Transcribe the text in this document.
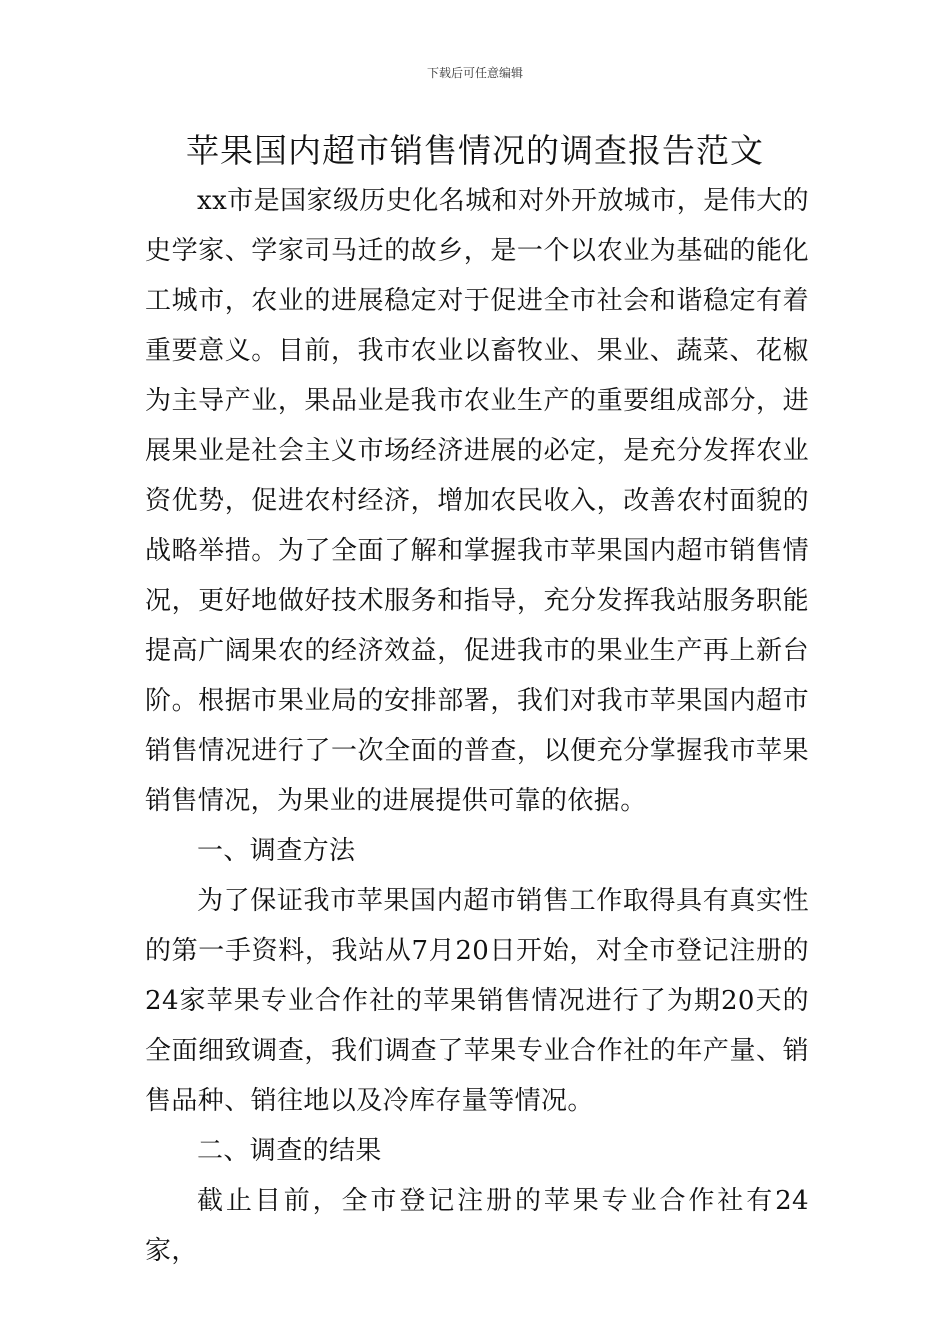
下载后可任意编辑
苹果国内超市销售情况的调查报告范文

xx市是国家级历史化名城和对外开放城市，是伟大的史学家、学家司马迁的故乡，是一个以农业为基础的能化工城市，农业的进展稳定对于促进全市社会和谐稳定有着重要意义。目前，我市农业以畜牧业、果业、蔬菜、花椒为主导产业，果品业是我市农业生产的重要组成部分，进展果业是社会主义市场经济进展的必定，是充分发挥农业资优势，促进农村经济，增加农民收入，改善农村面貌的战略举措。为了全面了解和掌握我市苹果国内超市销售情况，更好地做好技术服务和指导，充分发挥我站服务职能提高广阔果农的经济效益，促进我市的果业生产再上新台阶。根据市果业局的安排部署，我们对我市苹果国内超市销售情况进行了一次全面的普查，以便充分掌握我市苹果销售情况，为果业的进展提供可靠的依据。

一、调查方法

为了保证我市苹果国内超市销售工作取得具有真实性的第一手资料，我站从7月20日开始，对全市登记注册的24家苹果专业合作社的苹果销售情况进行了为期20天的全面细致调查，我们调查了苹果专业合作社的年产量、销售品种、销往地以及冷库存量等情况。

二、调查的结果

截止目前，全市登记注册的苹果专业合作社有24家，
